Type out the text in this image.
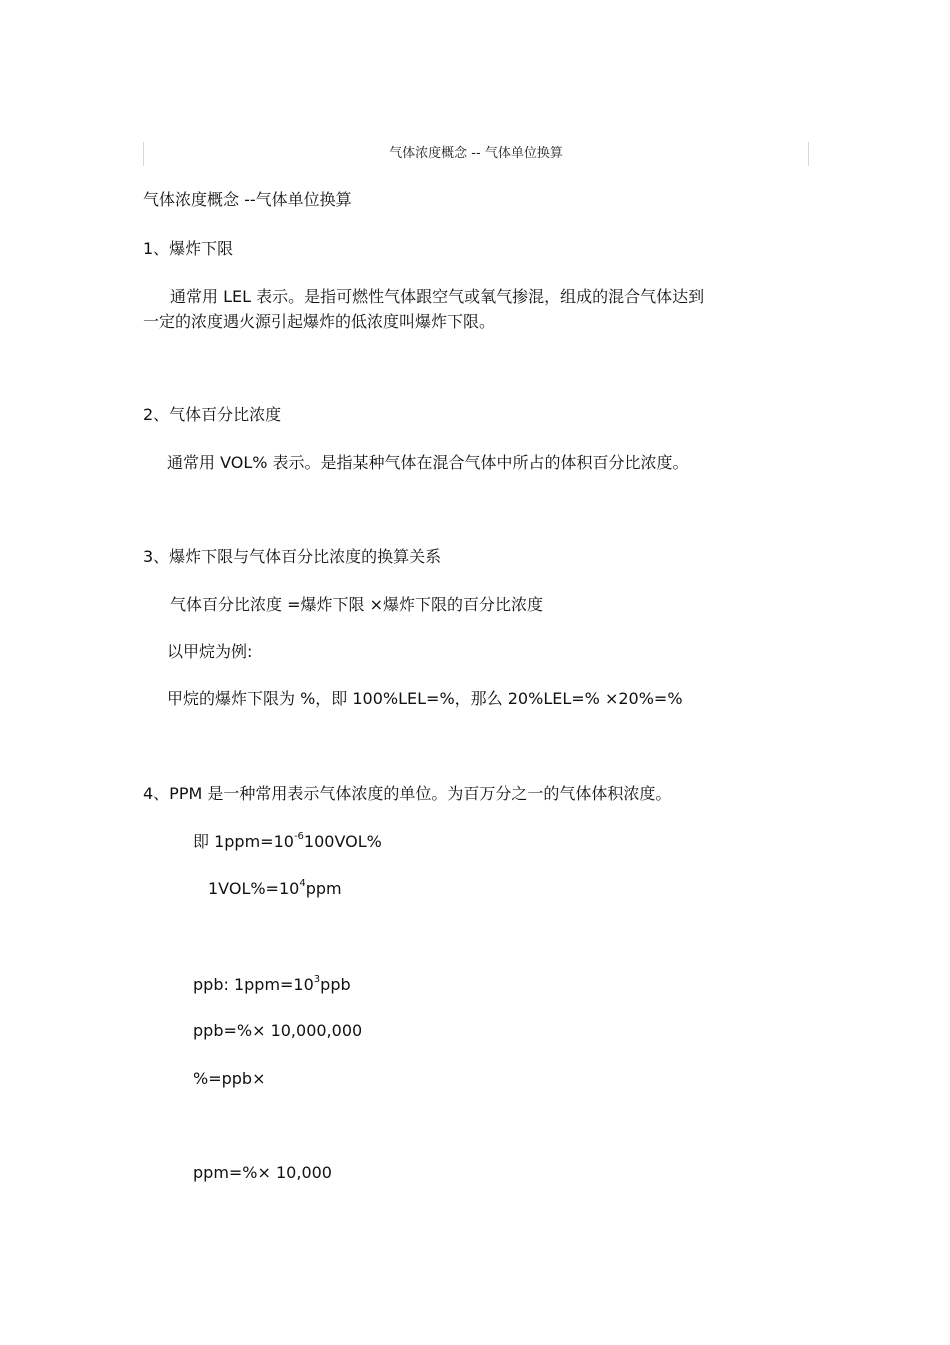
气体浓度概念 -- 气体单位换算
气体浓度概念 --气体单位换算
1、爆炸下限
通常用 LEL 表示。是指可燃性气体跟空气或氧气掺混，组成的混合气体达到
一定的浓度遇火源引起爆炸的低浓度叫爆炸下限。
2、气体百分比浓度
通常用 VOL% 表示。是指某种气体在混合气体中所占的体积百分比浓度。
3、爆炸下限与气体百分比浓度的换算关系
气体百分比浓度 =爆炸下限 ×爆炸下限的百分比浓度
以甲烷为例:
甲烷的爆炸下限为 %，即 100%LEL=%，那么 20%LEL=% ×20%=%
4、PPM 是一种常用表示气体浓度的单位。为百万分之一的气体体积浓度。
即 $1ppm=10^{-6}100VOL\%$
$1VOL\%=10^4ppm$
ppb: $1ppm=10^3ppb$
ppb=%× 10,000,000
%=ppb×
ppm=%× 10,000
